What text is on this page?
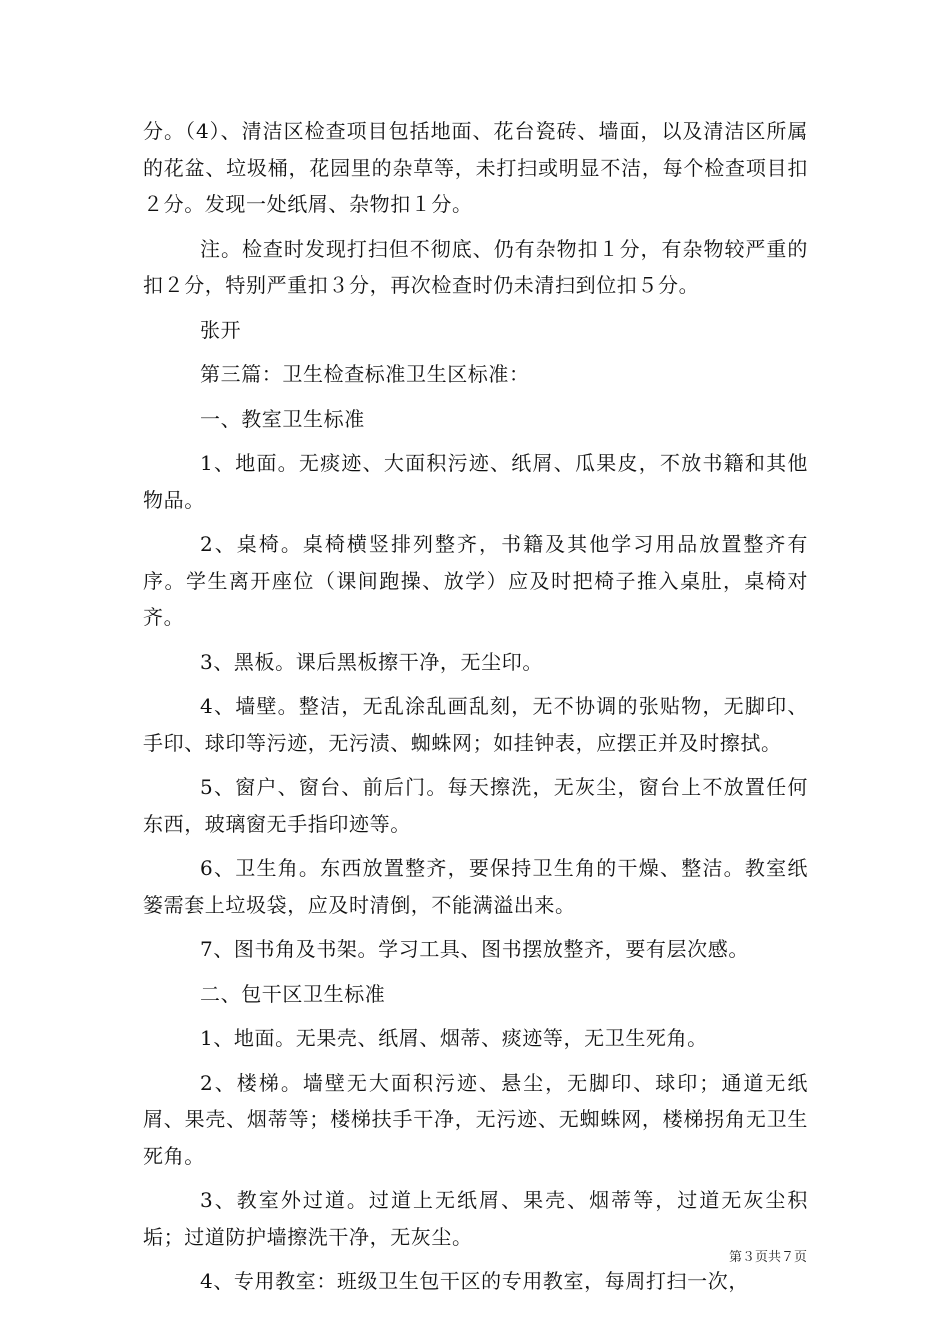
分。（4）、清洁区检查项目包括地面、花台瓷砖、墙面，以及清洁区所属的花盆、垃圾桶，花园里的杂草等，未打扫或明显不洁，每个检查项目扣２分。发现一处纸屑、杂物扣１分。

注。检查时发现打扫但不彻底、仍有杂物扣１分，有杂物较严重的扣２分，特别严重扣３分，再次检查时仍未清扫到位扣５分。

张开

第三篇：卫生检查标准卫生区标准：

一、教室卫生标准

1、地面。无痰迹、大面积污迹、纸屑、瓜果皮，不放书籍和其他物品。

2、桌椅。桌椅横竖排列整齐，书籍及其他学习用品放置整齐有序。学生离开座位（课间跑操、放学）应及时把椅子推入桌肚，桌椅对齐。

3、黑板。课后黑板擦干净，无尘印。

4、墙壁。整洁，无乱涂乱画乱刻，无不协调的张贴物，无脚印、手印、球印等污迹，无污渍、蜘蛛网；如挂钟表，应摆正并及时擦拭。

5、窗户、窗台、前后门。每天擦洗，无灰尘，窗台上不放置任何东西，玻璃窗无手指印迹等。

6、卫生角。东西放置整齐，要保持卫生角的干燥、整洁。教室纸篓需套上垃圾袋，应及时清倒，不能满溢出来。

7、图书角及书架。学习工具、图书摆放整齐，要有层次感。

二、包干区卫生标准

1、地面。无果壳、纸屑、烟蒂、痰迹等，无卫生死角。

2、楼梯。墙壁无大面积污迹、悬尘，无脚印、球印；通道无纸屑、果壳、烟蒂等；楼梯扶手干净，无污迹、无蜘蛛网，楼梯拐角无卫生死角。

3、教室外过道。过道上无纸屑、果壳、烟蒂等，过道无灰尘积垢；过道防护墙擦洗干净，无灰尘。

4、专用教室：班级卫生包干区的专用教室，每周打扫一次，

第３页共７页
